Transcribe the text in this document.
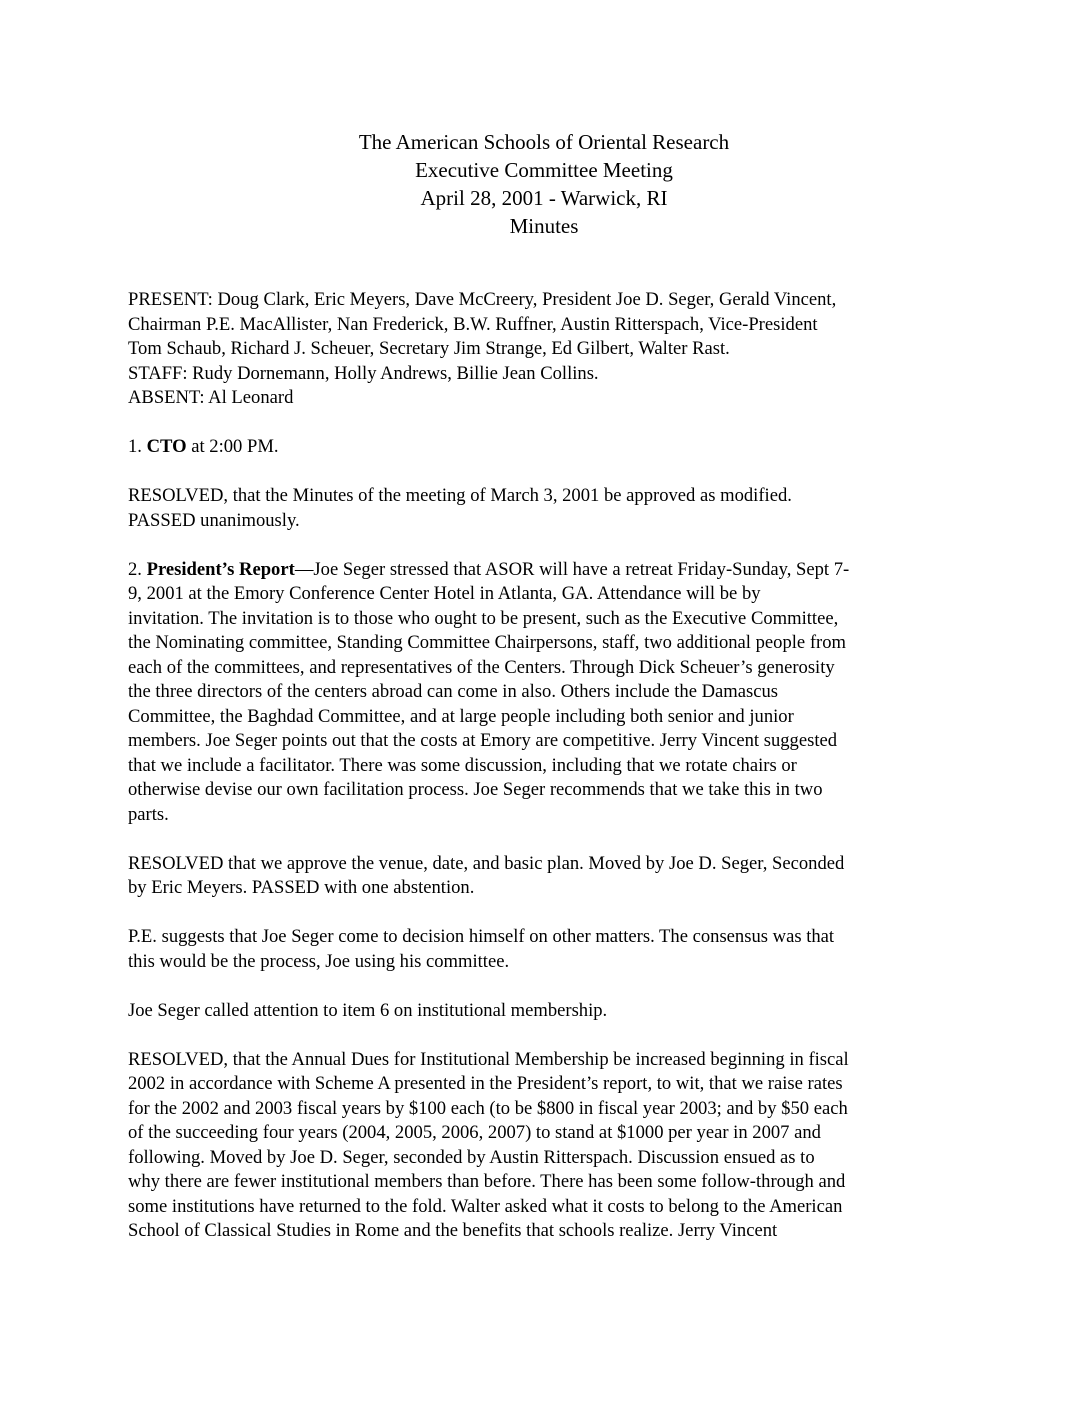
The American Schools of Oriental Research
Executive Committee Meeting
April 28, 2001 - Warwick, RI
Minutes
PRESENT: Doug Clark, Eric Meyers, Dave McCreery, President Joe D. Seger, Gerald Vincent,
Chairman P.E. MacAllister, Nan Frederick, B.W. Ruffner, Austin Ritterspach, Vice-President
Tom Schaub, Richard J. Scheuer, Secretary Jim Strange, Ed Gilbert, Walter Rast.
STAFF: Rudy Dornemann, Holly Andrews, Billie Jean Collins.
ABSENT: Al Leonard
1. CTO at 2:00 PM.
RESOLVED, that the Minutes of the meeting of March 3, 2001 be approved as modified.
PASSED unanimously.
2. President’s Report—Joe Seger stressed that ASOR will have a retreat Friday-Sunday, Sept 7-
9, 2001 at the Emory Conference Center Hotel in Atlanta, GA. Attendance will be by
invitation. The invitation is to those who ought to be present, such as the Executive Committee,
the Nominating committee, Standing Committee Chairpersons, staff, two additional people from
each of the committees, and representatives of the Centers. Through Dick Scheuer’s generosity
the three directors of the centers abroad can come in also. Others include the Damascus
Committee, the Baghdad Committee, and at large people including both senior and junior
members. Joe Seger points out that the costs at Emory are competitive. Jerry Vincent suggested
that we include a facilitator. There was some discussion, including that we rotate chairs or
otherwise devise our own facilitation process. Joe Seger recommends that we take this in two
parts.
RESOLVED that we approve the venue, date, and basic plan. Moved by Joe D. Seger, Seconded
by Eric Meyers. PASSED with one abstention.
P.E. suggests that Joe Seger come to decision himself on other matters. The consensus was that
this would be the process, Joe using his committee.
Joe Seger called attention to item 6 on institutional membership.
RESOLVED, that the Annual Dues for Institutional Membership be increased beginning in fiscal
2002 in accordance with Scheme A presented in the President’s report, to wit, that we raise rates
for the 2002 and 2003 fiscal years by $100 each (to be $800 in fiscal year 2003; and by $50 each
of the succeeding four years (2004, 2005, 2006, 2007) to stand at $1000 per year in 2007 and
following. Moved by Joe D. Seger, seconded by Austin Ritterspach. Discussion ensued as to
why there are fewer institutional members than before. There has been some follow-through and
some institutions have returned to the fold. Walter asked what it costs to belong to the American
School of Classical Studies in Rome and the benefits that schools realize. Jerry Vincent
